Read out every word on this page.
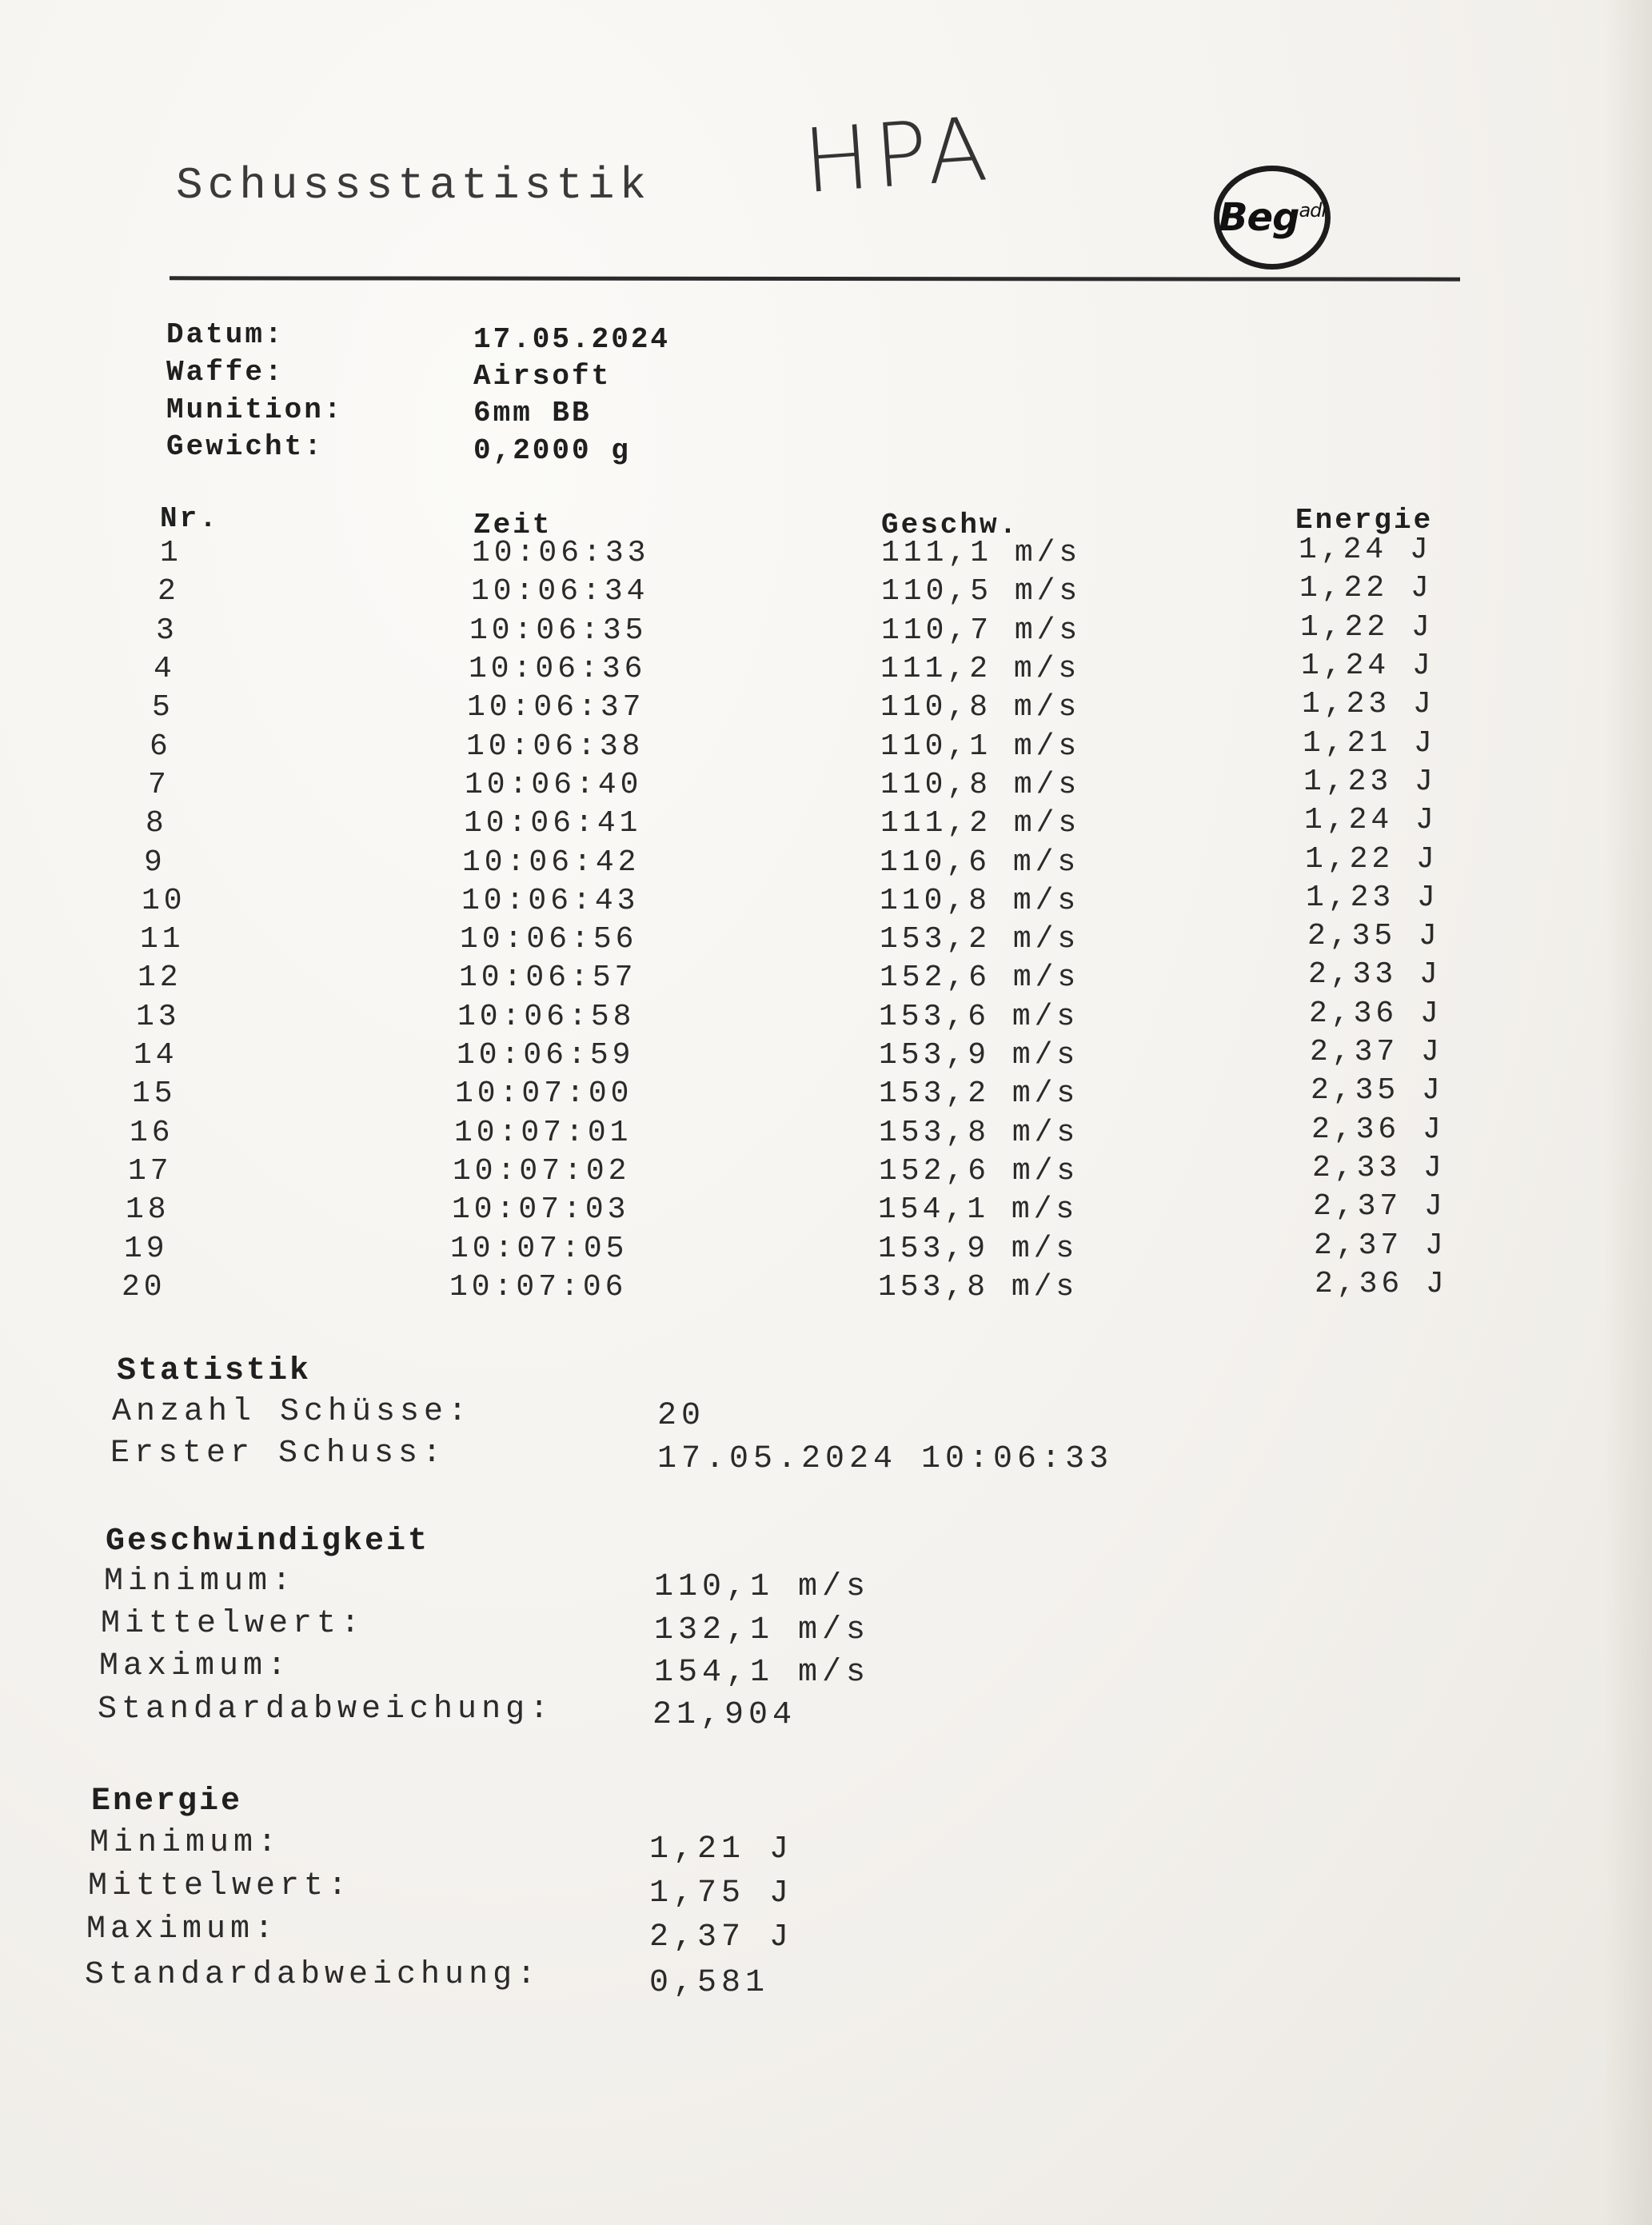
Schussstatistik HPA
Beg$^{adi}$
Datum:	17.05.2024
Waffe:	Airsoft
Munition:	6mm BB
Gewicht:	0,2000 g
Nr.	Zeit	Geschw.	Energie
1	10:06:33	111,1 m/s	1,24 J
2	10:06:34	110,5 m/s	1,22 J
3	10:06:35	110,7 m/s	1,22 J
4	10:06:36	111,2 m/s	1,24 J
5	10:06:37	110,8 m/s	1,23 J
6	10:06:38	110,1 m/s	1,21 J
7	10:06:40	110,8 m/s	1,23 J
8	10:06:41	111,2 m/s	1,24 J
9	10:06:42	110,6 m/s	1,22 J
10	10:06:43	110,8 m/s	1,23 J
11	10:06:56	153,2 m/s	2,35 J
12	10:06:57	152,6 m/s	2,33 J
13	10:06:58	153,6 m/s	2,36 J
14	10:06:59	153,9 m/s	2,37 J
15	10:07:00	153,2 m/s	2,35 J
16	10:07:01	153,8 m/s	2,36 J
17	10:07:02	152,6 m/s	2,33 J
18	10:07:03	154,1 m/s	2,37 J
19	10:07:05	153,9 m/s	2,37 J
20	10:07:06	153,8 m/s	2,36 J
Statistik
Anzahl Schüsse:	20
Erster Schuss:	17.05.2024 10:06:33
Geschwindigkeit
Minimum:	110,1 m/s
Mittelwert:	132,1 m/s
Maximum:	154,1 m/s
Standardabweichung:	21,904
Energie
Minimum:	1,21 J
Mittelwert:	1,75 J
Maximum:	2,37 J
Standardabweichung:	0,581
